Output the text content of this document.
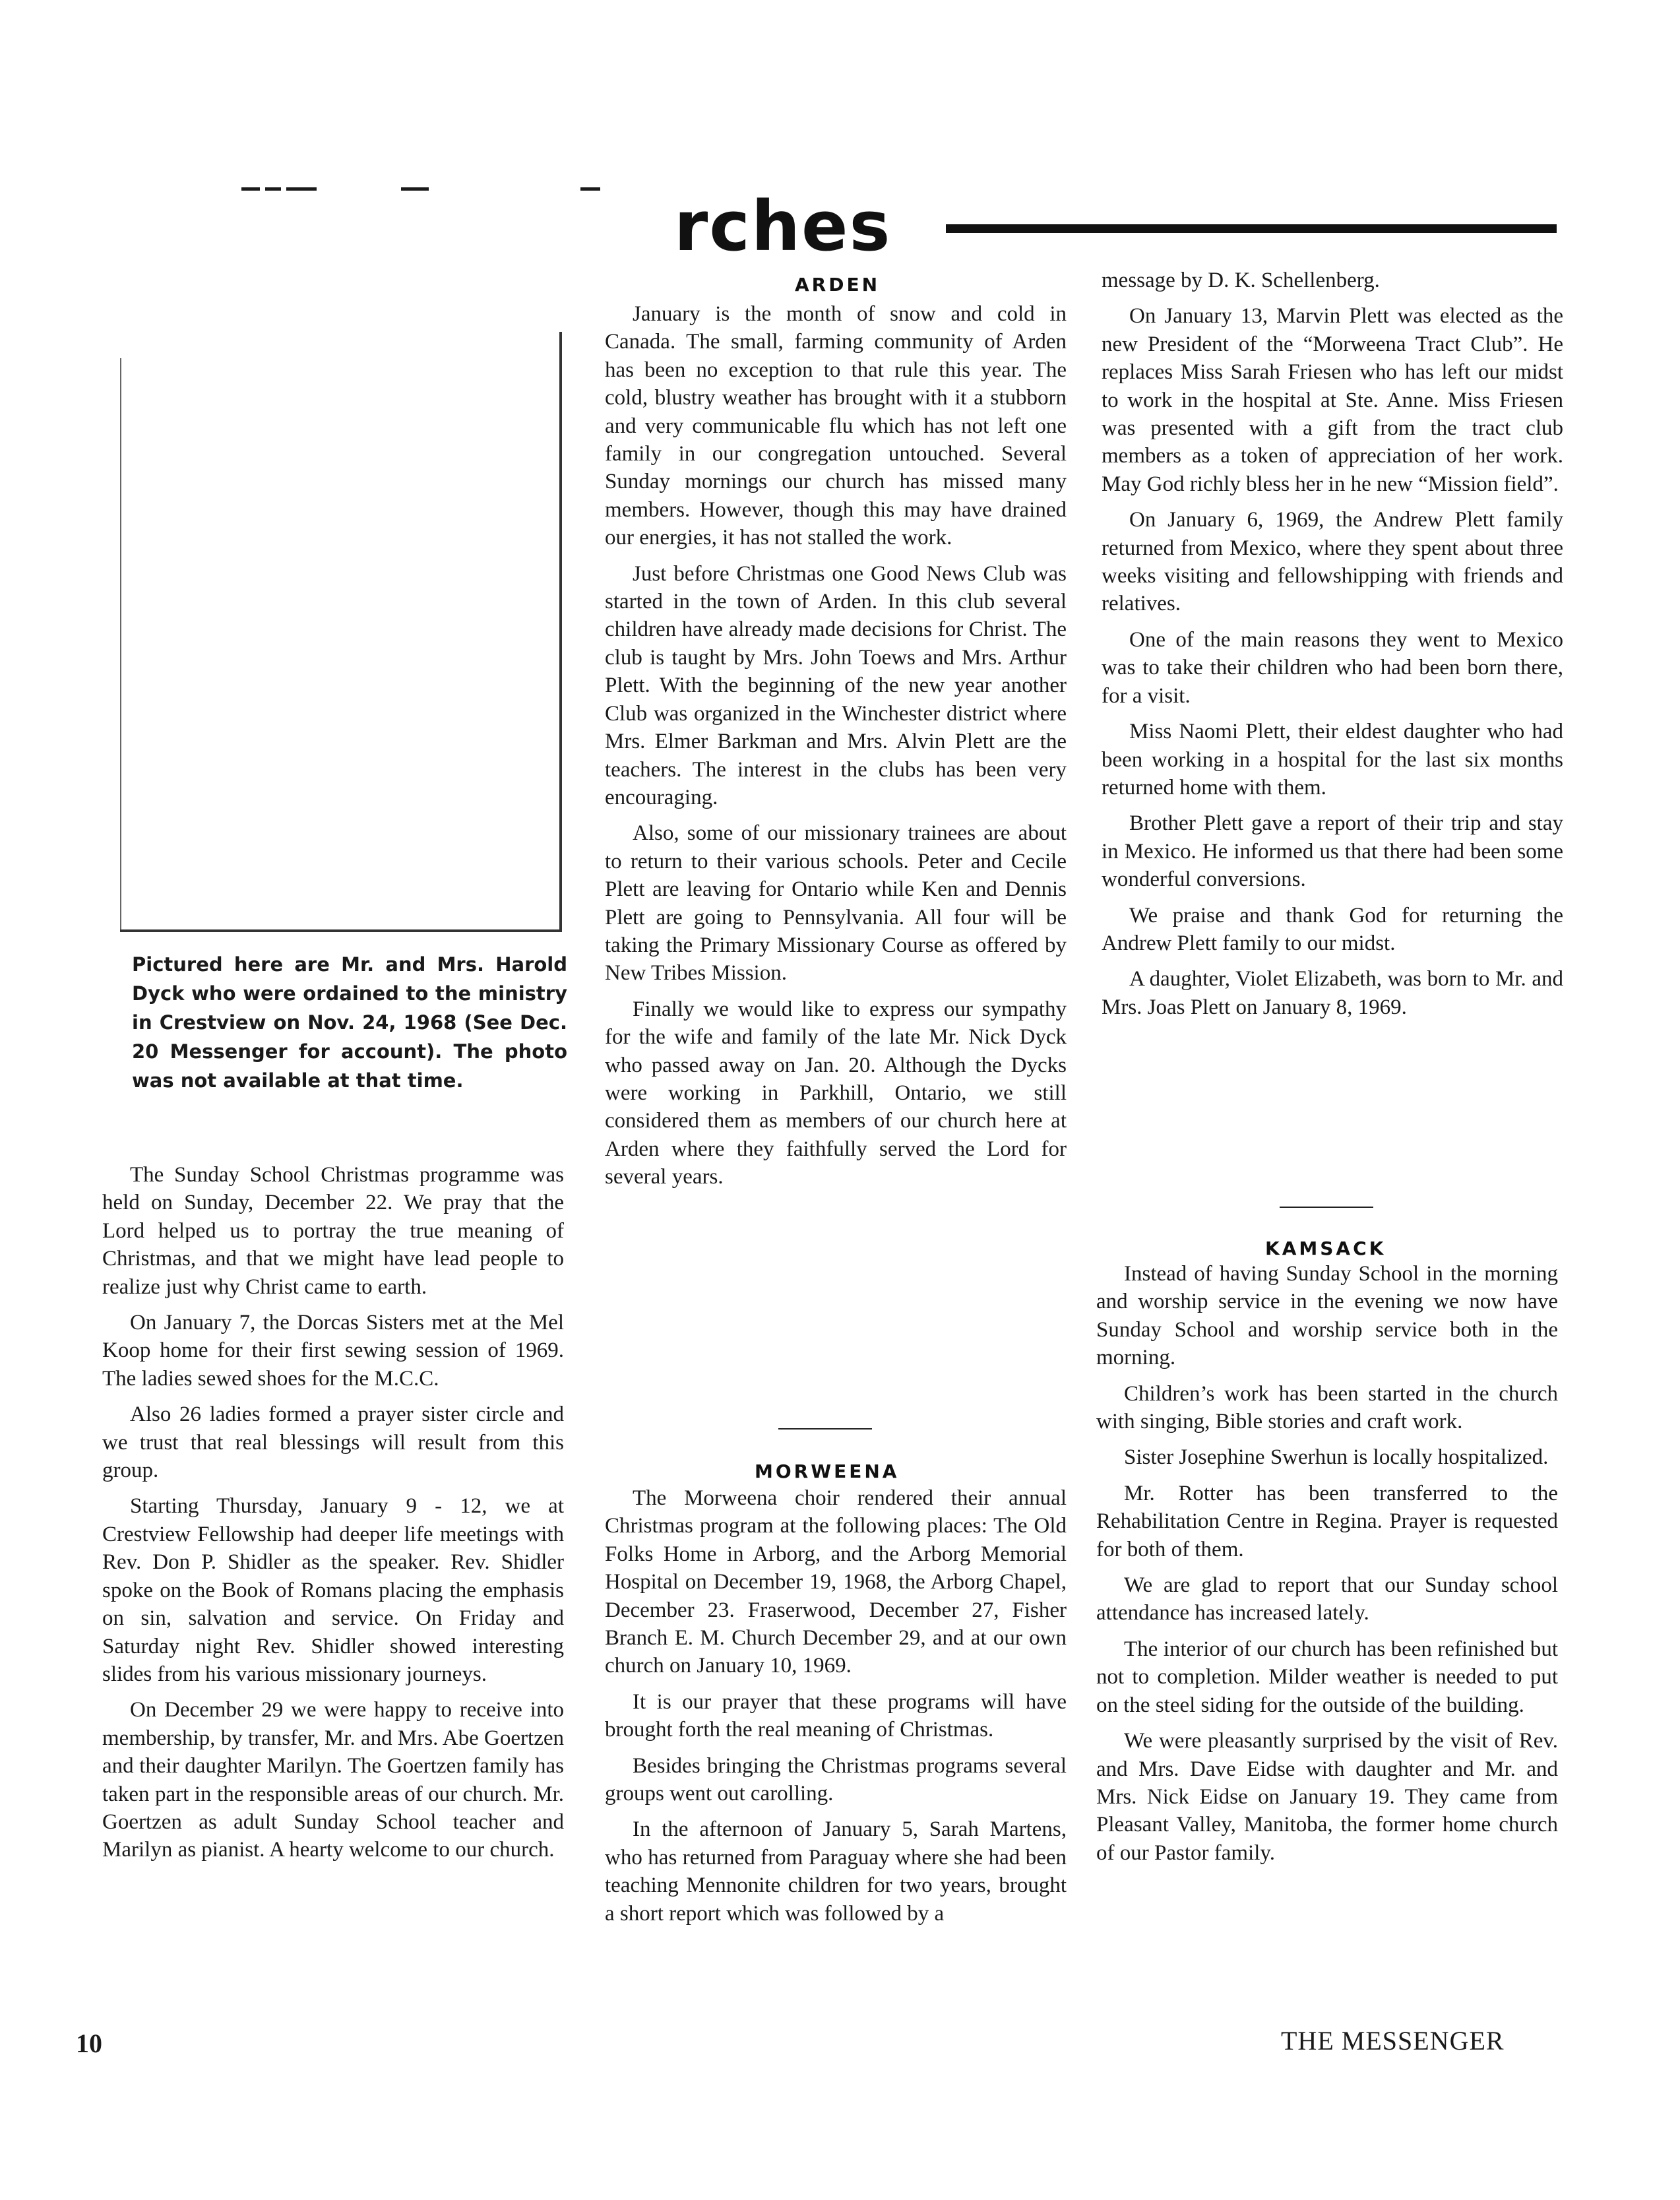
rches
Pictured here are Mr. and Mrs. Harold Dyck who were ordained to the ministry in Crestview on Nov. 24, 1968 (See Dec. 20 Messenger for account). The photo was not available at that time.

The Sunday School Christmas programme was held on Sunday, December 22. We pray that the Lord helped us to portray the true meaning of Christmas, and that we might have lead people to realize just why Christ came to earth.

On January 7, the Dorcas Sisters met at the Mel Koop home for their first sewing session of 1969. The ladies sewed shoes for the M.C.C.

Also 26 ladies formed a prayer sister circle and we trust that real blessings will result from this group.

Starting Thursday, January 9 - 12, we at Crestview Fellowship had deeper life meetings with Rev. Don P. Shidler as the speaker. Rev. Shidler spoke on the Book of Romans placing the emphasis on sin, salvation and service. On Friday and Saturday night Rev. Shidler showed interesting slides from his various missionary journeys.

On December 29 we were happy to receive into membership, by transfer, Mr. and Mrs. Abe Goertzen and their daughter Marilyn. The Goertzen family has taken part in the responsible areas of our church. Mr. Goertzen as adult Sunday School teacher and Marilyn as pianist. A hearty welcome to our church.

ARDEN

January is the month of snow and cold in Canada. The small, farming community of Arden has been no exception to that rule this year. The cold, blustry weather has brought with it a stubborn and very communicable flu which has not left one family in our congregation untouched. Several Sunday mornings our church has missed many members. However, though this may have drained our energies, it has not stalled the work.

Just before Christmas one Good News Club was started in the town of Arden. In this club several children have already made decisions for Christ. The club is taught by Mrs. John Toews and Mrs. Arthur Plett. With the beginning of the new year another Club was organized in the Winchester district where Mrs. Elmer Barkman and Mrs. Alvin Plett are the teachers. The interest in the clubs has been very encouraging.

Also, some of our missionary trainees are about to return to their various schools. Peter and Cecile Plett are leaving for Ontario while Ken and Dennis Plett are going to Pennsylvania. All four will be taking the Primary Missionary Course as offered by New Tribes Mission.

Finally we would like to express our sympathy for the wife and family of the late Mr. Nick Dyck who passed away on Jan. 20. Although the Dycks were working in Parkhill, Ontario, we still considered them as members of our church here at Arden where they faithfully served the Lord for several years.

MORWEENA

The Morweena choir rendered their annual Christmas program at the following places: The Old Folks Home in Arborg, and the Arborg Memorial Hospital on December 19, 1968, the Arborg Chapel, December 23. Fraserwood, December 27, Fisher Branch E. M. Church December 29, and at our own church on January 10, 1969.

It is our prayer that these programs will have brought forth the real meaning of Christmas.

Besides bringing the Christmas programs several groups went out carolling.

In the afternoon of January 5, Sarah Martens, who has returned from Paraguay where she had been teaching Mennonite children for two years, brought a short report which was followed by a

message by D. K. Schellenberg.

On January 13, Marvin Plett was elected as the new President of the “Morweena Tract Club”. He replaces Miss Sarah Friesen who has left our midst to work in the hospital at Ste. Anne. Miss Friesen was presented with a gift from the tract club members as a token of appreciation of her work. May God richly bless her in he new “Mission field”.

On January 6, 1969, the Andrew Plett family returned from Mexico, where they spent about three weeks visiting and fellowshipping with friends and relatives.

One of the main reasons they went to Mexico was to take their children who had been born there, for a visit.

Miss Naomi Plett, their eldest daughter who had been working in a hospital for the last six months returned home with them.

Brother Plett gave a report of their trip and stay in Mexico. He informed us that there had been some wonderful conversions.

We praise and thank God for returning the Andrew Plett family to our midst.

A daughter, Violet Elizabeth, was born to Mr. and Mrs. Joas Plett on January 8, 1969.

KAMSACK

Instead of having Sunday School in the morning and worship service in the evening we now have Sunday School and worship service both in the morning.

Children’s work has been started in the church with singing, Bible stories and craft work.

Sister Josephine Swerhun is locally hospitalized.

Mr. Rotter has been transferred to the Rehabilitation Centre in Regina. Prayer is requested for both of them.

We are glad to report that our Sunday school attendance has increased lately.

The interior of our church has been refinished but not to completion. Milder weather is needed to put on the steel siding for the outside of the building.

We were pleasantly surprised by the visit of Rev. and Mrs. Dave Eidse with daughter and Mr. and Mrs. Nick Eidse on January 19. They came from Pleasant Valley, Manitoba, the former home church of our Pastor family.

10	THE MESSENGER
